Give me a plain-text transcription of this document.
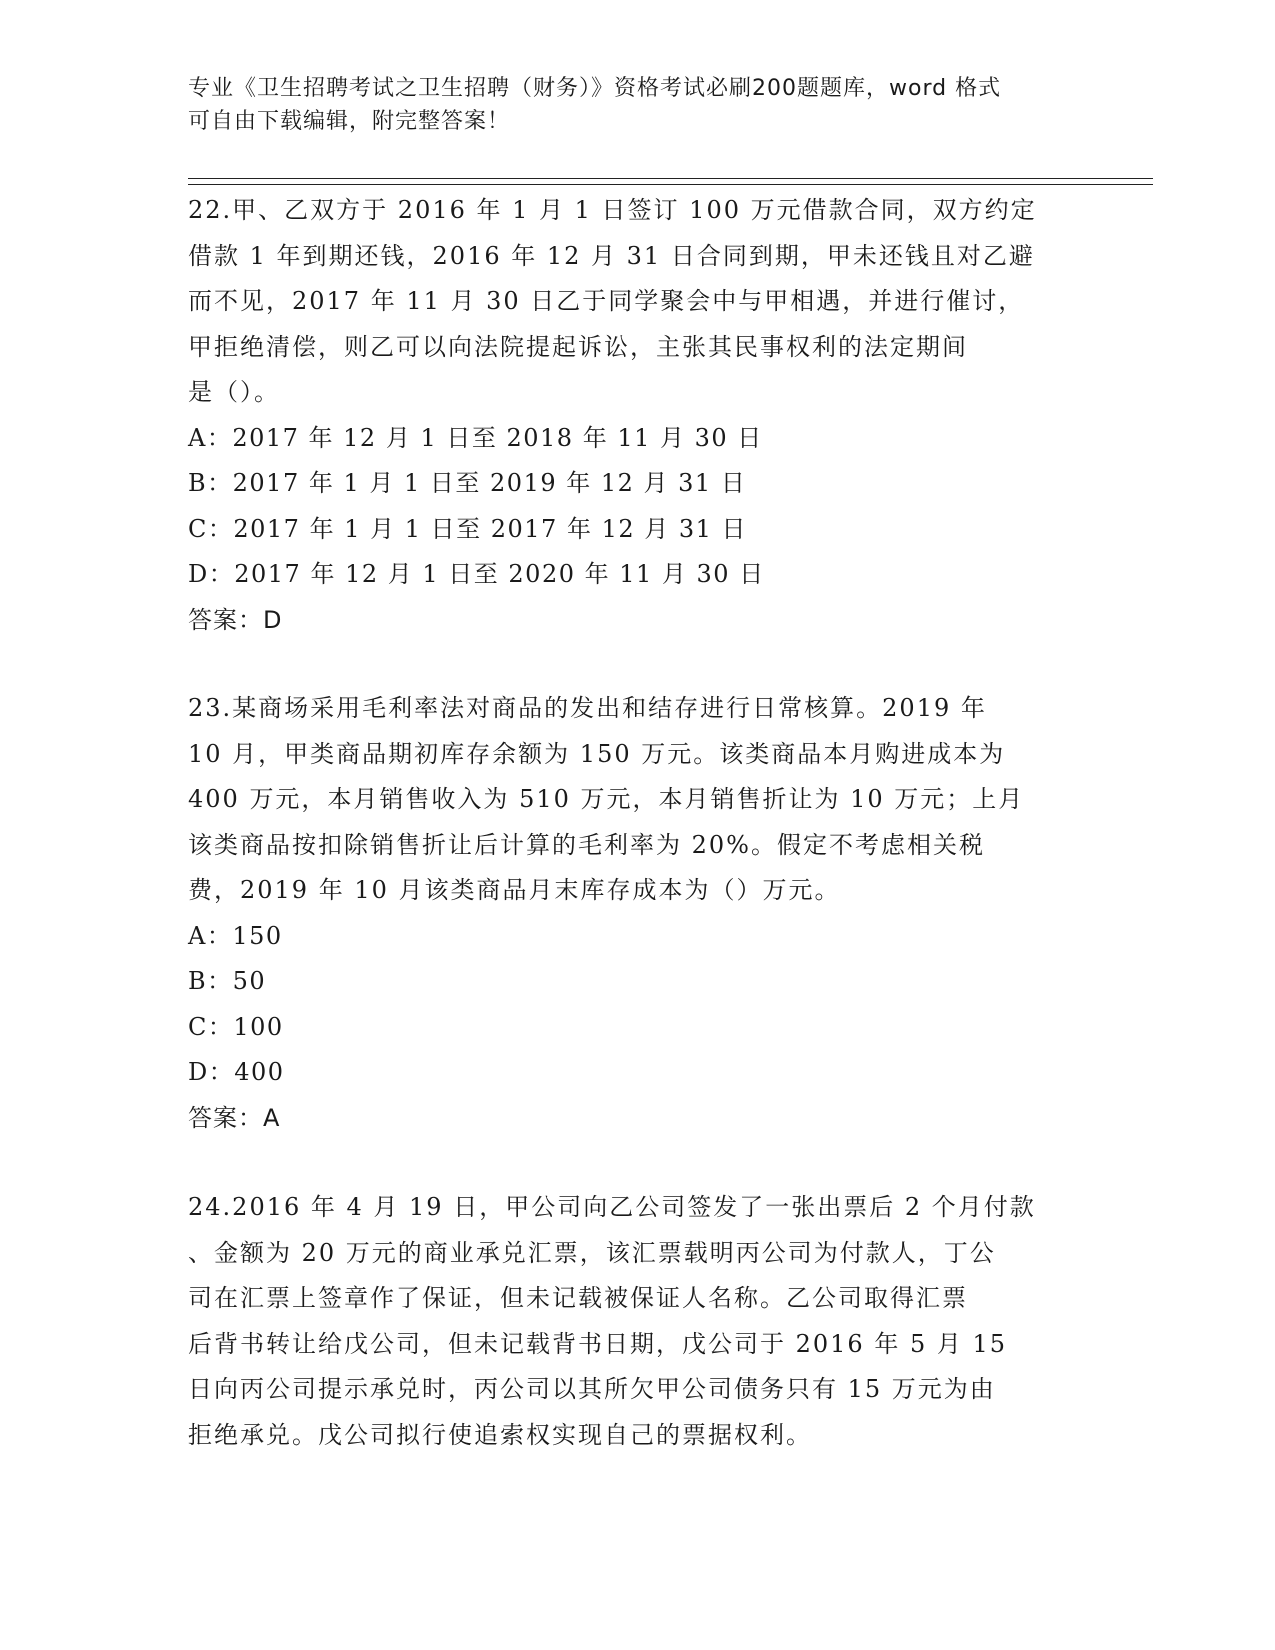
专业《卫生招聘考试之卫生招聘（财务）》资格考试必刷200题题库，word 格式
可自由下载编辑，附完整答案！
22.甲、乙双方于 2016 年 1 月 1 日签订 100 万元借款合同，双方约定
借款 1 年到期还钱，2016 年 12 月 31 日合同到期，甲未还钱且对乙避
而不见，2017 年 11 月 30 日乙于同学聚会中与甲相遇，并进行催讨，
甲拒绝清偿，则乙可以向法院提起诉讼，主张其民事权利的法定期间
是（）。
A：2017 年 12 月 1 日至 2018 年 11 月 30 日
B：2017 年 1 月 1 日至 2019 年 12 月 31 日
C：2017 年 1 月 1 日至 2017 年 12 月 31 日
D：2017 年 12 月 1 日至 2020 年 11 月 30 日
答案：D
23.某商场采用毛利率法对商品的发出和结存进行日常核算。2019 年
10 月，甲类商品期初库存余额为 150 万元。该类商品本月购进成本为
400 万元，本月销售收入为 510 万元，本月销售折让为 10 万元；上月
该类商品按扣除销售折让后计算的毛利率为 20%。假定不考虑相关税
费，2019 年 10 月该类商品月末库存成本为（）万元。
A：150
B：50
C：100
D：400
答案：A
24.2016 年 4 月 19 日，甲公司向乙公司签发了一张出票后 2 个月付款
、金额为 20 万元的商业承兑汇票，该汇票载明丙公司为付款人，丁公
司在汇票上签章作了保证，但未记载被保证人名称。乙公司取得汇票
后背书转让给戊公司，但未记载背书日期，戊公司于 2016 年 5 月 15
日向丙公司提示承兑时，丙公司以其所欠甲公司债务只有 15 万元为由
拒绝承兑。戊公司拟行使追索权实现自己的票据权利。
